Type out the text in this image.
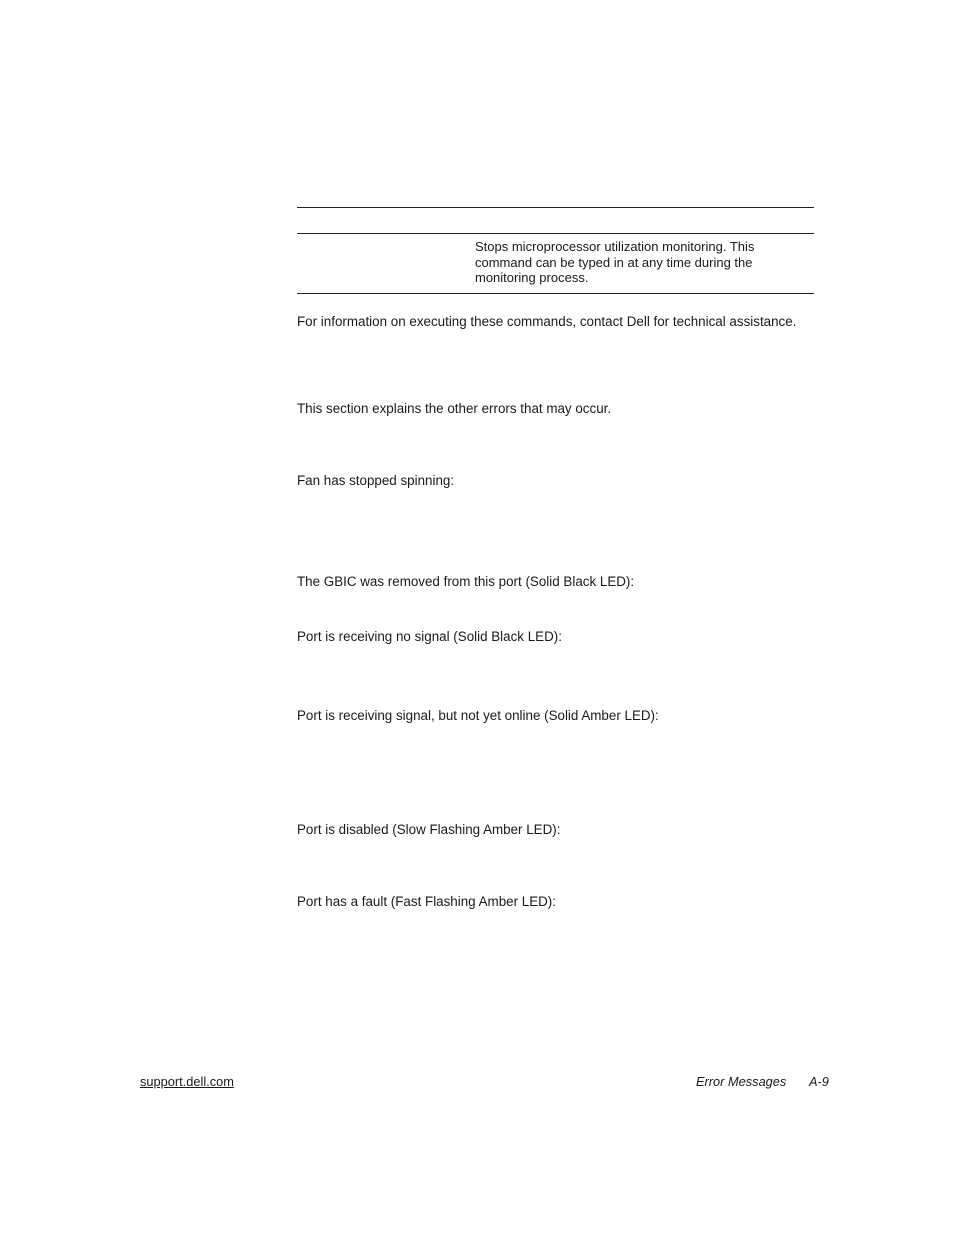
Stops microprocessor utilization monitoring. This command can be typed in at any time during the monitoring process.
For information on executing these commands, contact Dell for technical assistance.
This section explains the other errors that may occur.
Fan has stopped spinning:
The GBIC was removed from this port (Solid Black LED):
Port is receiving no signal (Solid Black LED):
Port is receiving signal, but not yet online (Solid Amber LED):
Port is disabled (Slow Flashing Amber LED):
Port has a fault (Fast Flashing Amber LED):
support.dell.com	Error Messages A-9
